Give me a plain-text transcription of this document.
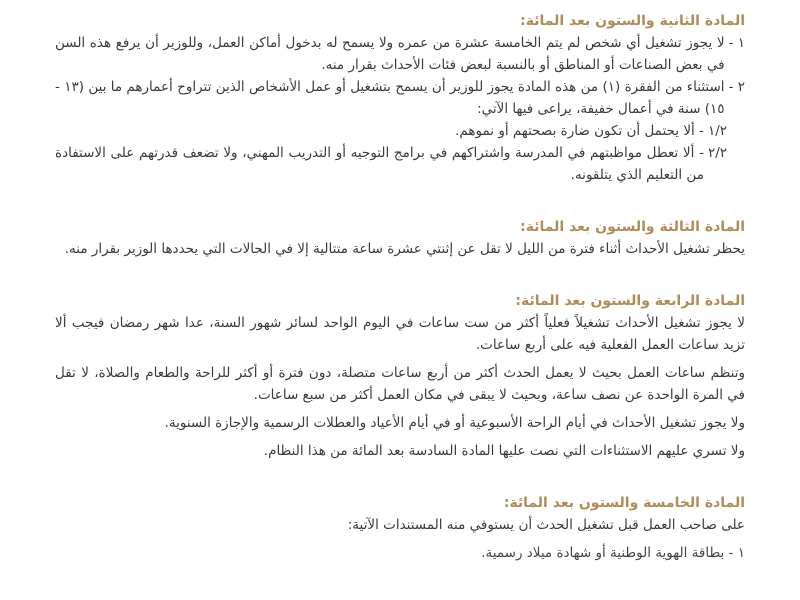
المادة الثانية والستون بعد المائة:
١ -
لا يجوز تشغيل أي شخص لم يتم الخامسة عشرة من عمره ولا يسمح له بدخول أماكن العمل، وللوزير أن يرفع هذه السن في بعض الصناعات أو المناطق أو بالنسبة لبعض فئات الأحداث بقرار منه.
٢ -
استثناء من الفقرة (١) من هذه المادة يجوز للوزير أن يسمح بتشغيل أو عمل الأشخاص الذين تتراوح أعمارهم ما بين (١٣ - ١٥) سنة في أعمال خفيفة، يراعى فيها الآتي:
١/٢
- ألا يحتمل أن تكون ضارة بصحتهم أو نموهم.
٢/٢
- ألا تعطل مواظبتهم في المدرسة واشتراكهم في برامج التوجيه أو التدريب المهني، ولا تضعف قدرتهم على الاستفادة من التعليم الذي يتلقونه.
المادة الثالثة والستون بعد المائة:

يحظر تشغيل الأحداث أثناء فترة من الليل لا تقل عن إثنتي عشرة ساعة متتالية إلا في الحالات التي يحددها الوزير بقرار منه.

المادة الرابعة والستون بعد المائة:

لا يجوز تشغيل الأحداث تشغيلاً فعلياً أكثر من ست ساعات في اليوم الواحد لسائر شهور السنة، عدا شهر رمضان فيجب ألا تزيد ساعات العمل الفعلية فيه على أربع ساعات.

وتنظم ساعات العمل بحيث لا يعمل الحدث أكثر من أربع ساعات متصلة، دون فترة أو أكثر للراحة والطعام والصلاة، لا تقل في المرة الواحدة عن نصف ساعة، وبحيث لا يبقى في مكان العمل أكثر من سبع ساعات.

ولا يجوز تشغيل الأحداث في أيام الراحة الأسبوعية أو في أيام الأعياد والعطلات الرسمية والإجازة السنوية.

ولا تسري عليهم الاستثناءات التي نصت عليها المادة السادسة بعد المائة من هذا النظام.

المادة الخامسة والستون بعد المائة:

على صاحب العمل قبل تشغيل الحدث أن يستوفي منه المستندات الآتية:

١ - بطاقة الهوية الوطنية أو شهادة ميلاد رسمية.
